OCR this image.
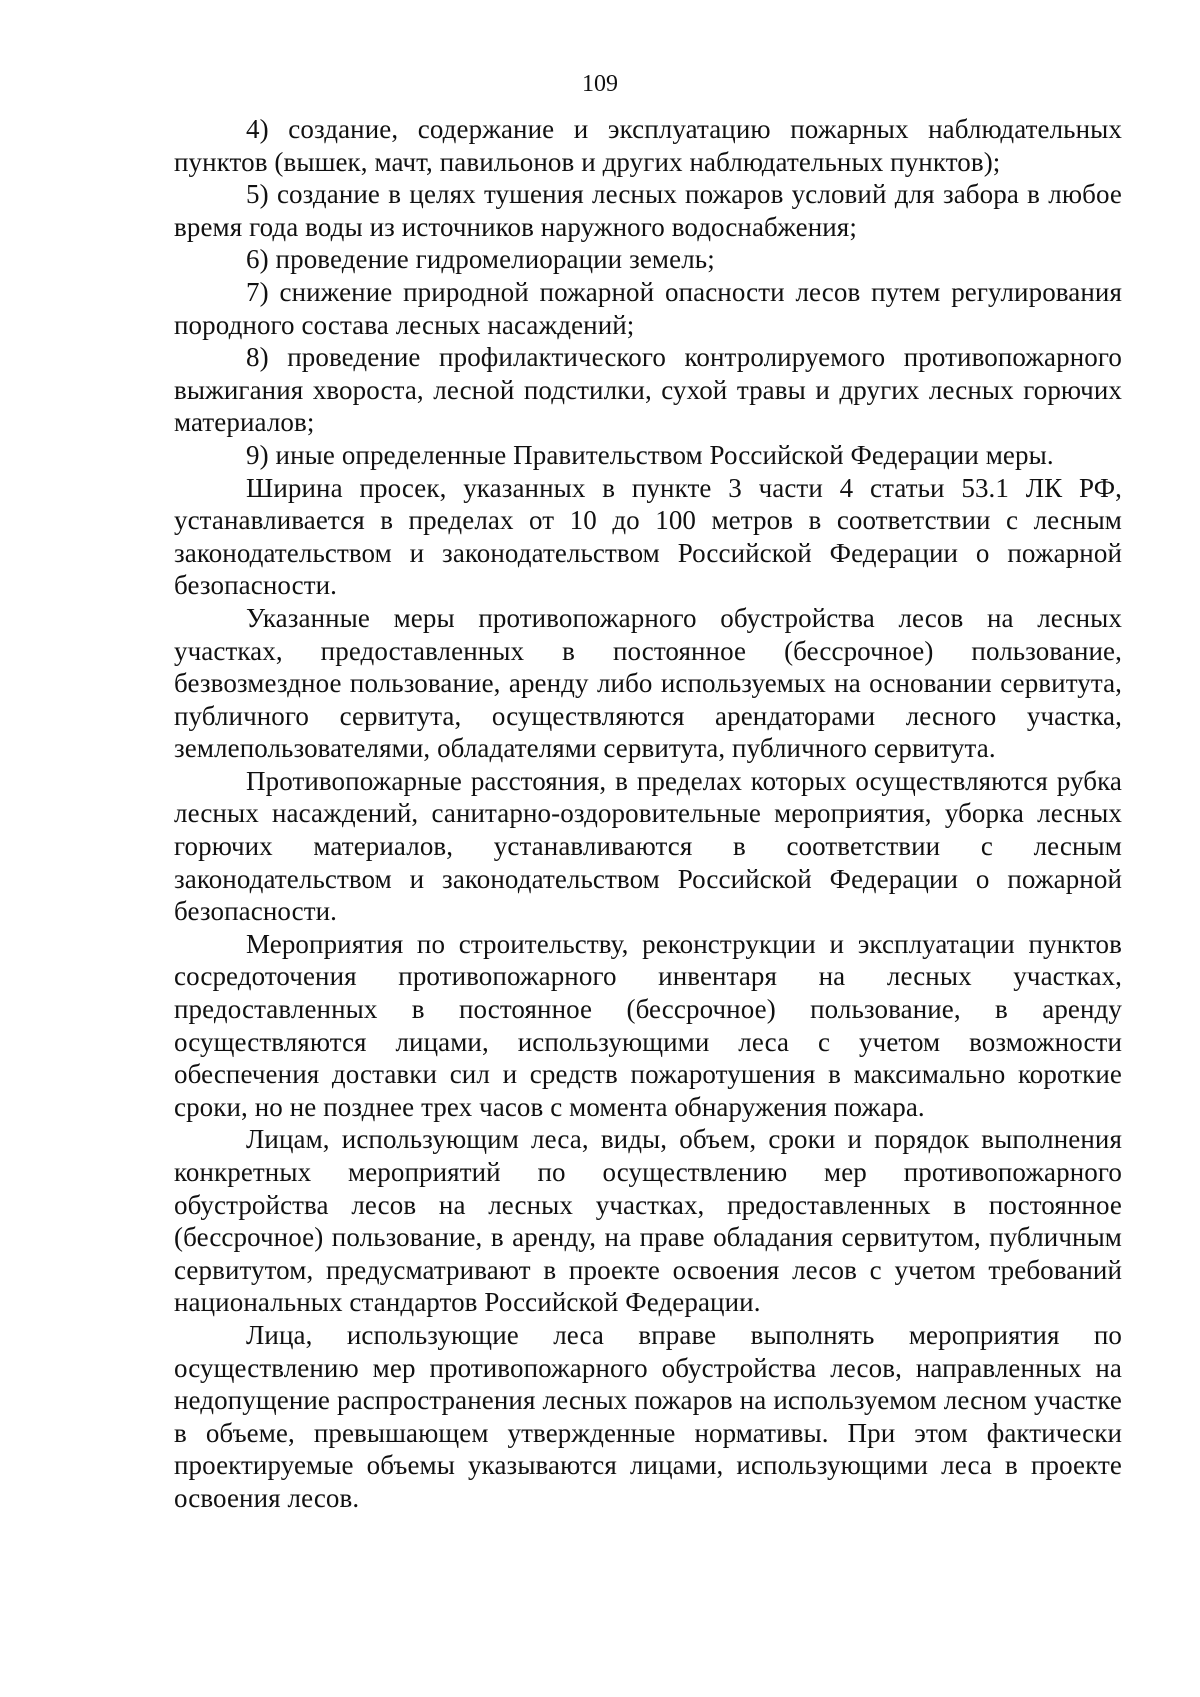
109

4) создание, содержание и эксплуатацию пожарных наблюдательных пунктов (вышек, мачт, павильонов и других наблюдательных пунктов);

5) создание в целях тушения лесных пожаров условий для забора в любое время года воды из источников наружного водоснабжения;

6) проведение гидромелиорации земель;

7) снижение природной пожарной опасности лесов путем регулирования породного состава лесных насаждений;

8) проведение профилактического контролируемого противопожарного выжигания хвороста, лесной подстилки, сухой травы и других лесных горючих материалов;

9) иные определенные Правительством Российской Федерации меры.

Ширина просек, указанных в пункте 3 части 4 статьи 53.1 ЛК РФ, устанавливается в пределах от 10 до 100 метров в соответствии с лесным законодательством и законодательством Российской Федерации о пожарной безопасности.

Указанные меры противопожарного обустройства лесов на лесных участках, предоставленных в постоянное (бессрочное) пользование, безвозмездное пользование, аренду либо используемых на основании сервитута, публичного сервитута, осуществляются арендаторами лесного участка, землепользователями, обладателями сервитута, публичного сервитута.

Противопожарные расстояния, в пределах которых осуществляются рубка лесных насаждений, санитарно-оздоровительные мероприятия, уборка лесных горючих материалов, устанавливаются в соответствии с лесным законодательством и законодательством Российской Федерации о пожарной безопасности.

Мероприятия по строительству, реконструкции и эксплуатации пунктов сосредоточения противопожарного инвентаря на лесных участках, предоставленных в постоянное (бессрочное) пользование, в аренду осуществляются лицами, использующими леса с учетом возможности обеспечения доставки сил и средств пожаротушения в максимально короткие сроки, но не позднее трех часов с момента обнаружения пожара.

Лицам, использующим леса, виды, объем, сроки и порядок выполнения конкретных мероприятий по осуществлению мер противопожарного обустройства лесов на лесных участках, предоставленных в постоянное (бессрочное) пользование, в аренду, на праве обладания сервитутом, публичным сервитутом, предусматривают в проекте освоения лесов с учетом требований национальных стандартов Российской Федерации.

Лица, использующие леса вправе выполнять мероприятия по осуществлению мер противопожарного обустройства лесов, направленных на недопущение распространения лесных пожаров на используемом лесном участке в объеме, превышающем утвержденные нормативы. При этом фактически проектируемые объемы указываются лицами, использующими леса в проекте освоения лесов.
